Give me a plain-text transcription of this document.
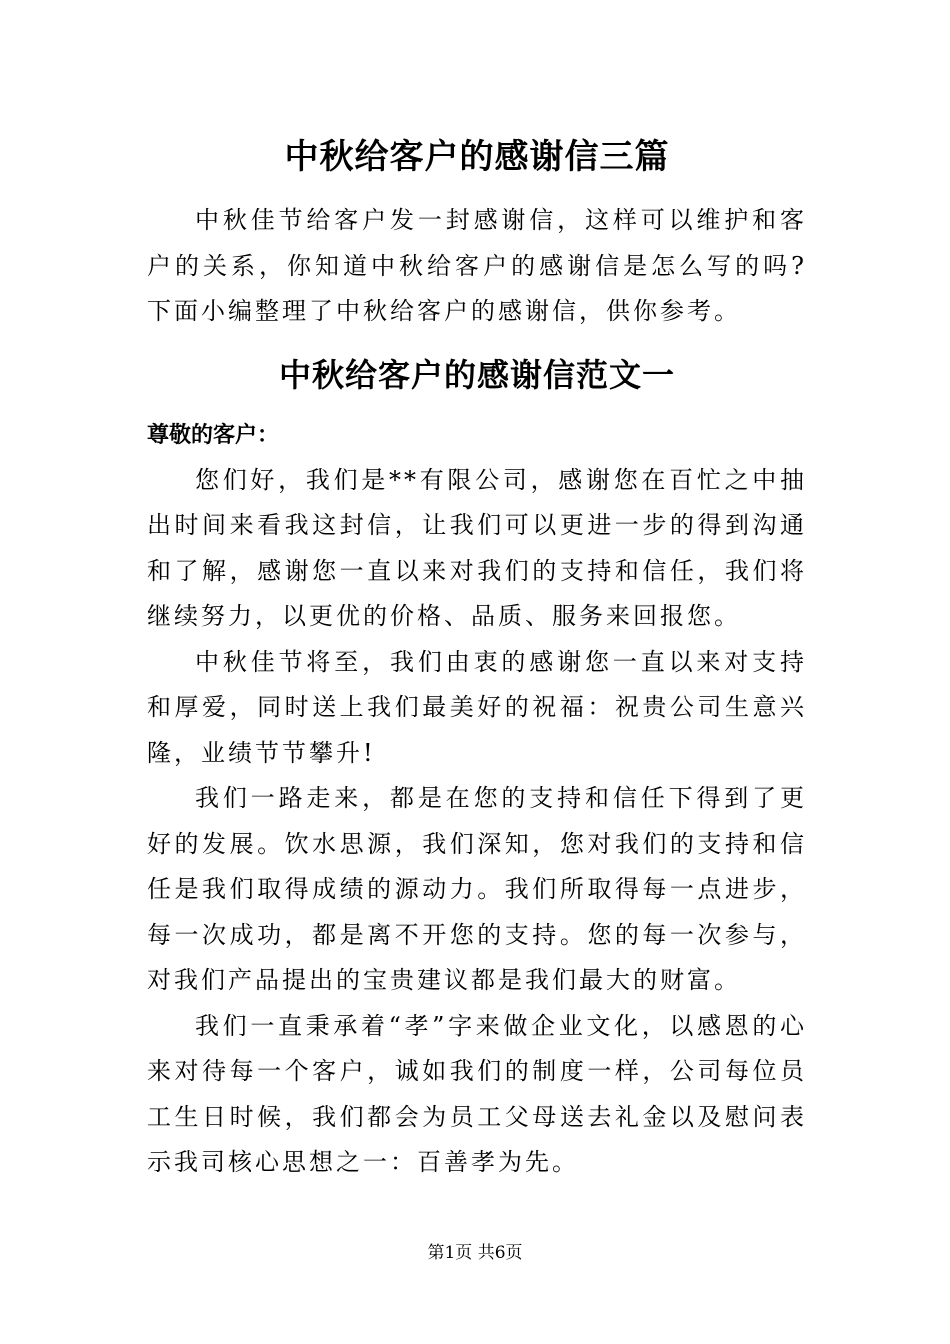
中秋给客户的感谢信三篇

中秋佳节给客户发一封感谢信，这样可以维护和客户的关系，你知道中秋给客户的感谢信是怎么写的吗?下面小编整理了中秋给客户的感谢信，供你参考。

中秋给客户的感谢信范文一

尊敬的客户：

您们好，我们是**有限公司，感谢您在百忙之中抽出时间来看我这封信，让我们可以更进一步的得到沟通和了解，感谢您一直以来对我们的支持和信任，我们将继续努力，以更优的价格、品质、服务来回报您。

中秋佳节将至，我们由衷的感谢您一直以来对支持和厚爱，同时送上我们最美好的祝福：祝贵公司生意兴隆，业绩节节攀升!

我们一路走来，都是在您的支持和信任下得到了更好的发展。饮水思源，我们深知，您对我们的支持和信任是我们取得成绩的源动力。我们所取得每一点进步，每一次成功，都是离不开您的支持。您的每一次参与，对我们产品提出的宝贵建议都是我们最大的财富。

我们一直秉承着“孝”字来做企业文化，以感恩的心来对待每一个客户，诚如我们的制度一样，公司每位员工生日时候，我们都会为员工父母送去礼金以及慰问表示我司核心思想之一：百善孝为先。

第1页 共6页
